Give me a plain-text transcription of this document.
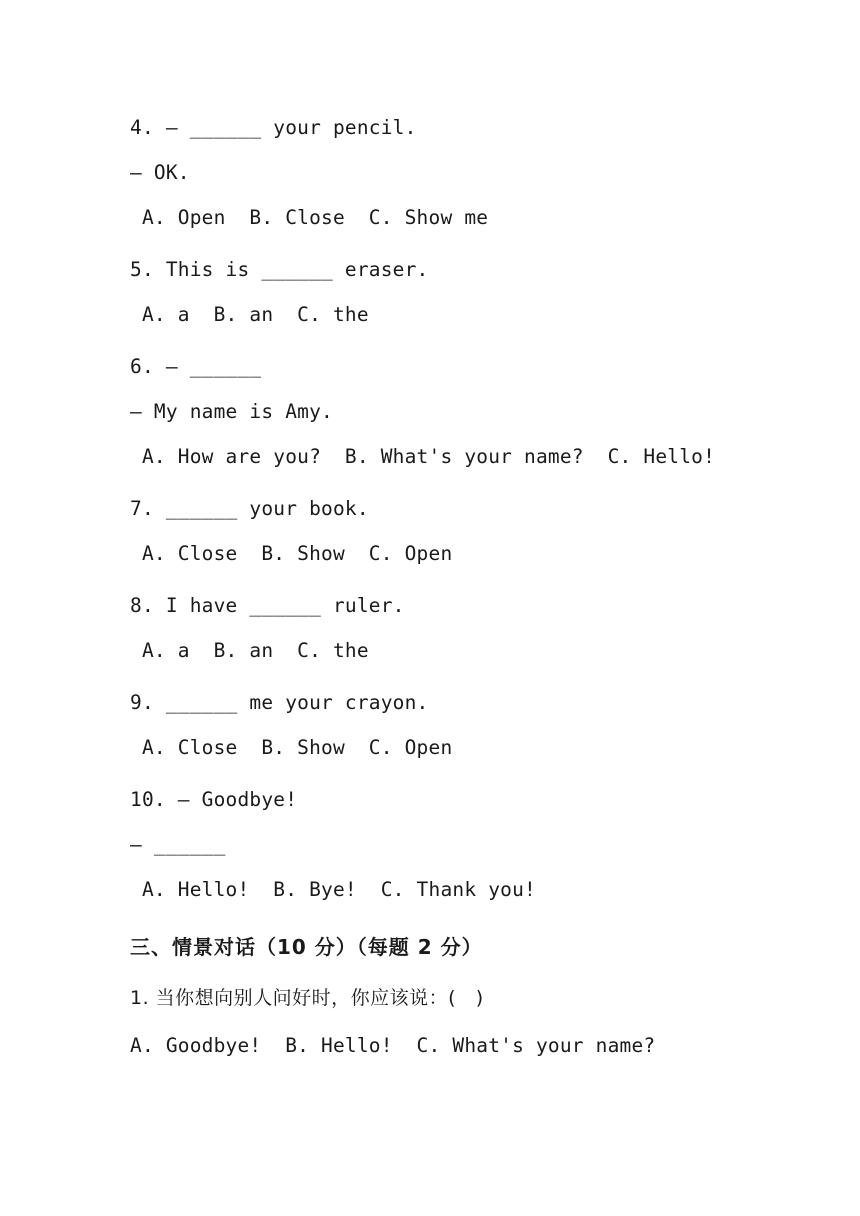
4. — ______ your pencil.
— OK.
A. Open  B. Close  C. Show me
5. This is ______ eraser.
A. a  B. an  C. the
6. — ______
— My name is Amy.
A. How are you?  B. What's your name?  C. Hello!
7. ______ your book.
A. Close  B. Show  C. Open
8. I have ______ ruler.
A. a  B. an  C. the
9. ______ me your crayon.
A. Close  B. Show  C. Open
10. — Goodbye!
— ______
A. Hello!  B. Bye!  C. Thank you!
三、情景对话（10 分）（每题 2 分）
1. 当你想向别人问好时，你应该说：(   )
A. Goodbye!  B. Hello!  C. What's your name?
